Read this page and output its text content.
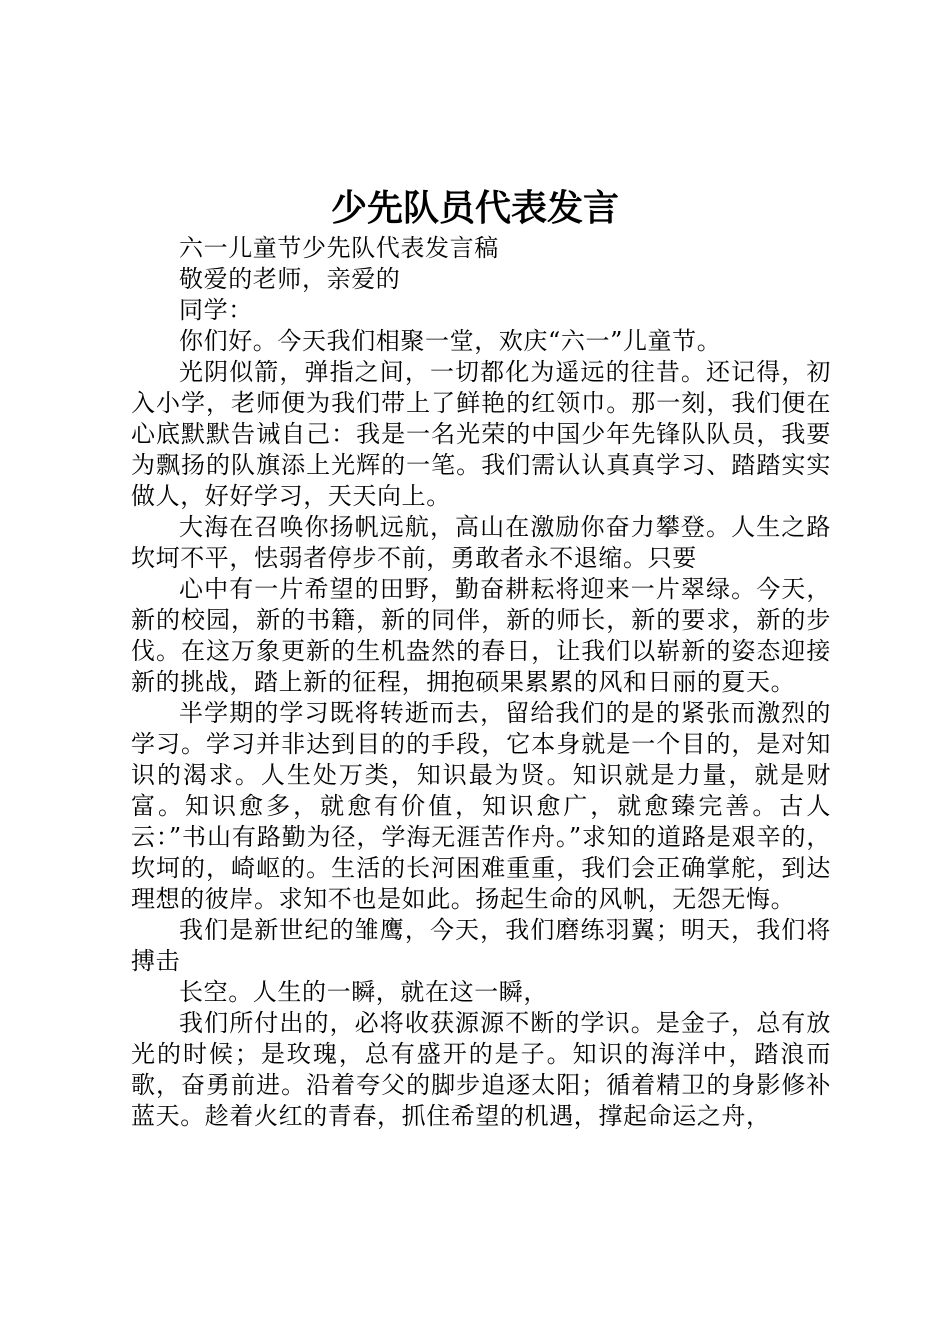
少先队员代表发言

六一儿童节少先队代表发言稿

敬爱的老师，亲爱的

同学：

你们好。今天我们相聚一堂，欢庆“六一”儿童节。

光阴似箭，弹指之间，一切都化为遥远的往昔。还记得，初入小学，老师便为我们带上了鲜艳的红领巾。那一刻，我们便在心底默默告诫自己：我是一名光荣的中国少年先锋队队员，我要为飘扬的队旗添上光辉的一笔。我们需认认真真学习、踏踏实实做人，好好学习，天天向上。

大海在召唤你扬帆远航，高山在激励你奋力攀登。人生之路坎坷不平，怯弱者停步不前，勇敢者永不退缩。只要

心中有一片希望的田野，勤奋耕耘将迎来一片翠绿。今天，新的校园，新的书籍，新的同伴，新的师长，新的要求，新的步伐。在这万象更新的生机盎然的春日，让我们以崭新的姿态迎接新的挑战，踏上新的征程，拥抱硕果累累的风和日丽的夏天。

半学期的学习既将转逝而去，留给我们的是的紧张而激烈的学习。学习并非达到目的的手段，它本身就是一个目的，是对知识的渴求。人生处万类，知识最为贤。知识就是力量，就是财富。知识愈多，就愈有价值，知识愈广，就愈臻完善。古人云：”书山有路勤为径，学海无涯苦作舟。”求知的道路是艰辛的，坎坷的，崎岖的。生活的长河困难重重，我们会正确掌舵，到达理想的彼岸。求知不也是如此。扬起生命的风帆，无怨无悔。

我们是新世纪的雏鹰，今天，我们磨练羽翼；明天，我们将搏击

长空。人生的一瞬，就在这一瞬，

我们所付出的，必将收获源源不断的学识。是金子，总有放光的时候；是玫瑰，总有盛开的是子。知识的海洋中，踏浪而歌，奋勇前进。沿着夸父的脚步追逐太阳；循着精卫的身影修补蓝天。趁着火红的青春，抓住希望的机遇，撑起命运之舟，
